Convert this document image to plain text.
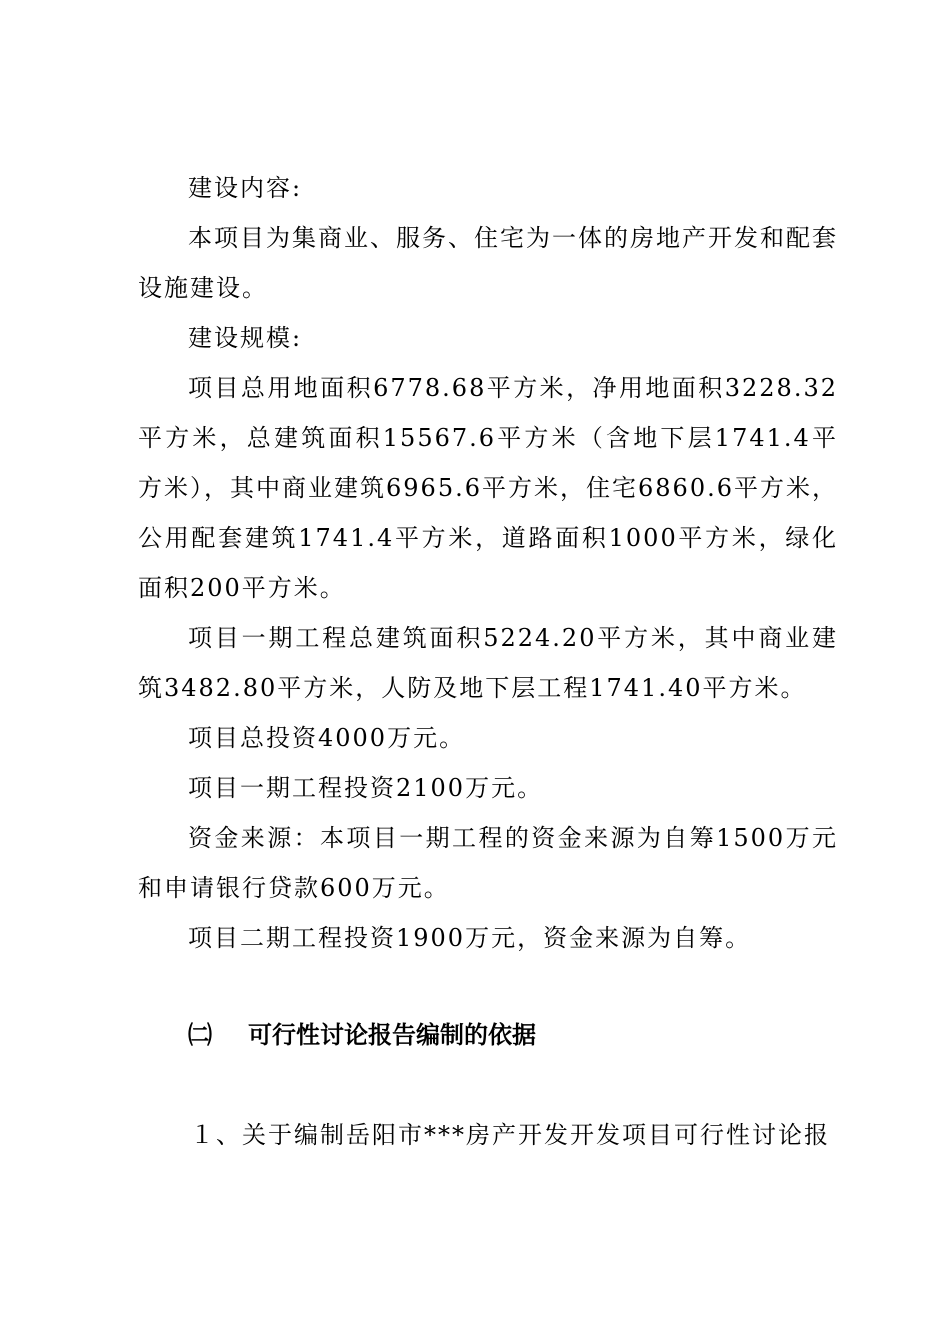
建设内容:

本项目为集商业、服务、住宅为一体的房地产开发和配套设施建设。

建设规模:

项目总用地面积6778.68平方米，净用地面积3228.32平方米，总建筑面积15567.6平方米（含地下层1741.4平方米），其中商业建筑6965.6平方米，住宅6860.6平方米，公用配套建筑1741.4平方米，道路面积1000平方米，绿化面积200平方米。

项目一期工程总建筑面积5224.20平方米，其中商业建筑3482.80平方米，人防及地下层工程1741.40平方米。

项目总投资4000万元。

项目一期工程投资2100万元。

资金来源：本项目一期工程的资金来源为自筹1500万元和申请银行贷款600万元。

项目二期工程投资1900万元，资金来源为自筹。

㈡ 可行性讨论报告编制的依据
１、关于编制岳阳市***房产开发开发项目可行性讨论报
